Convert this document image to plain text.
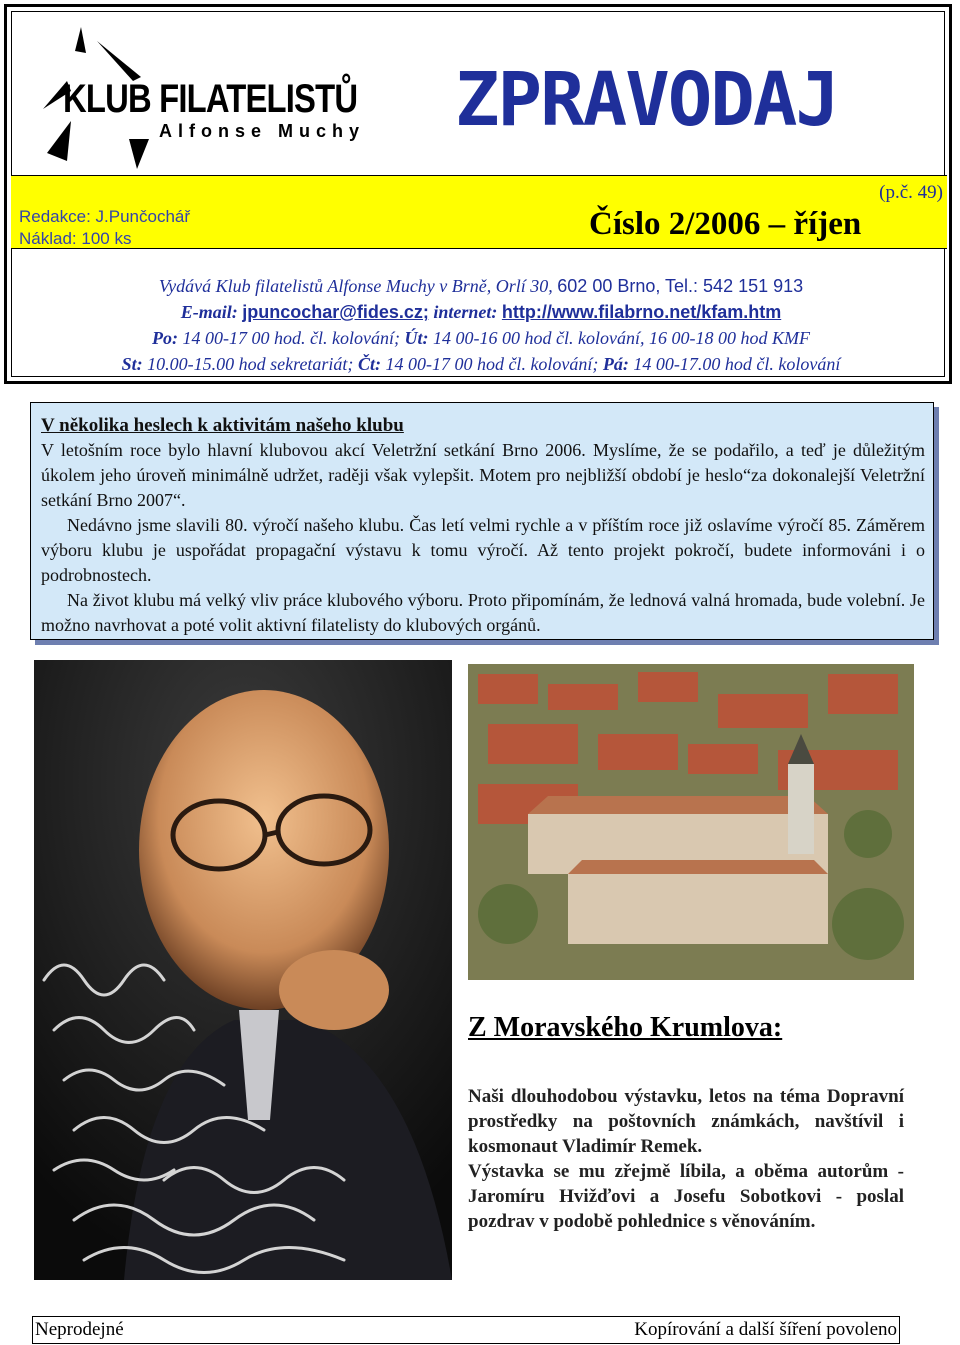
KLUB FILATELISTŮ
Alfonse Muchy ZPRAVODAJ
Redakce: J.Punčochář
Náklad: 100 ks	Číslo 2/2006 – říjen
(p.č. 49)
Vydává Klub filatelistů Alfonse Muchy v Brně, Orlí 30, 602 00 Brno, Tel.: 542 151 913
E-mail: jpuncochar@fides.cz; internet: http://www.filabrno.net/kfam.htm
Po: 14 00-17 00 hod. čl. kolování; Út: 14 00-16 00 hod čl. kolování, 16 00-18 00 hod KMF
St: 10.00-15.00 hod sekretariát; Čt: 14 00-17 00 hod čl. kolování; Pá: 14 00-17.00 hod čl. kolování
V několika heslech k aktivitám našeho klubu

V letošním roce bylo hlavní klubovou akcí Veletržní setkání Brno 2006. Myslíme, že se podařilo, a teď je důležitým úkolem jeho úroveň minimálně udržet, raději však vylepšit. Motem pro nejbližší období je heslo“za dokonalejší Veletržní setkání Brno 2007“.

Nedávno jsme slavili 80. výročí našeho klubu. Čas letí velmi rychle a v příštím roce již oslavíme výročí 85. Záměrem výboru klubu je uspořádat propagační výstavu k tomu výročí. Až tento projekt pokročí, budete informováni i o podrobnostech.

Na život klubu má velký vliv práce klubového výboru. Proto připomínám, že lednová valná hromada, bude volební. Je možno navrhovat a poté volit aktivní filatelisty do klubových orgánů.

Z Moravského Krumlova:

Naši dlouhodobou výstavku, letos na téma Dopravní prostředky na poštovních známkách, navštívil i kosmonaut Vladimír Remek.

Výstavka se mu zřejmě líbila, a oběma autorům - Jaromíru Hvižďovi a Josefu Sobotkovi - poslal pozdrav v podobě pohlednice s věnováním.

Neprodejné	Kopírování a další šíření povoleno
